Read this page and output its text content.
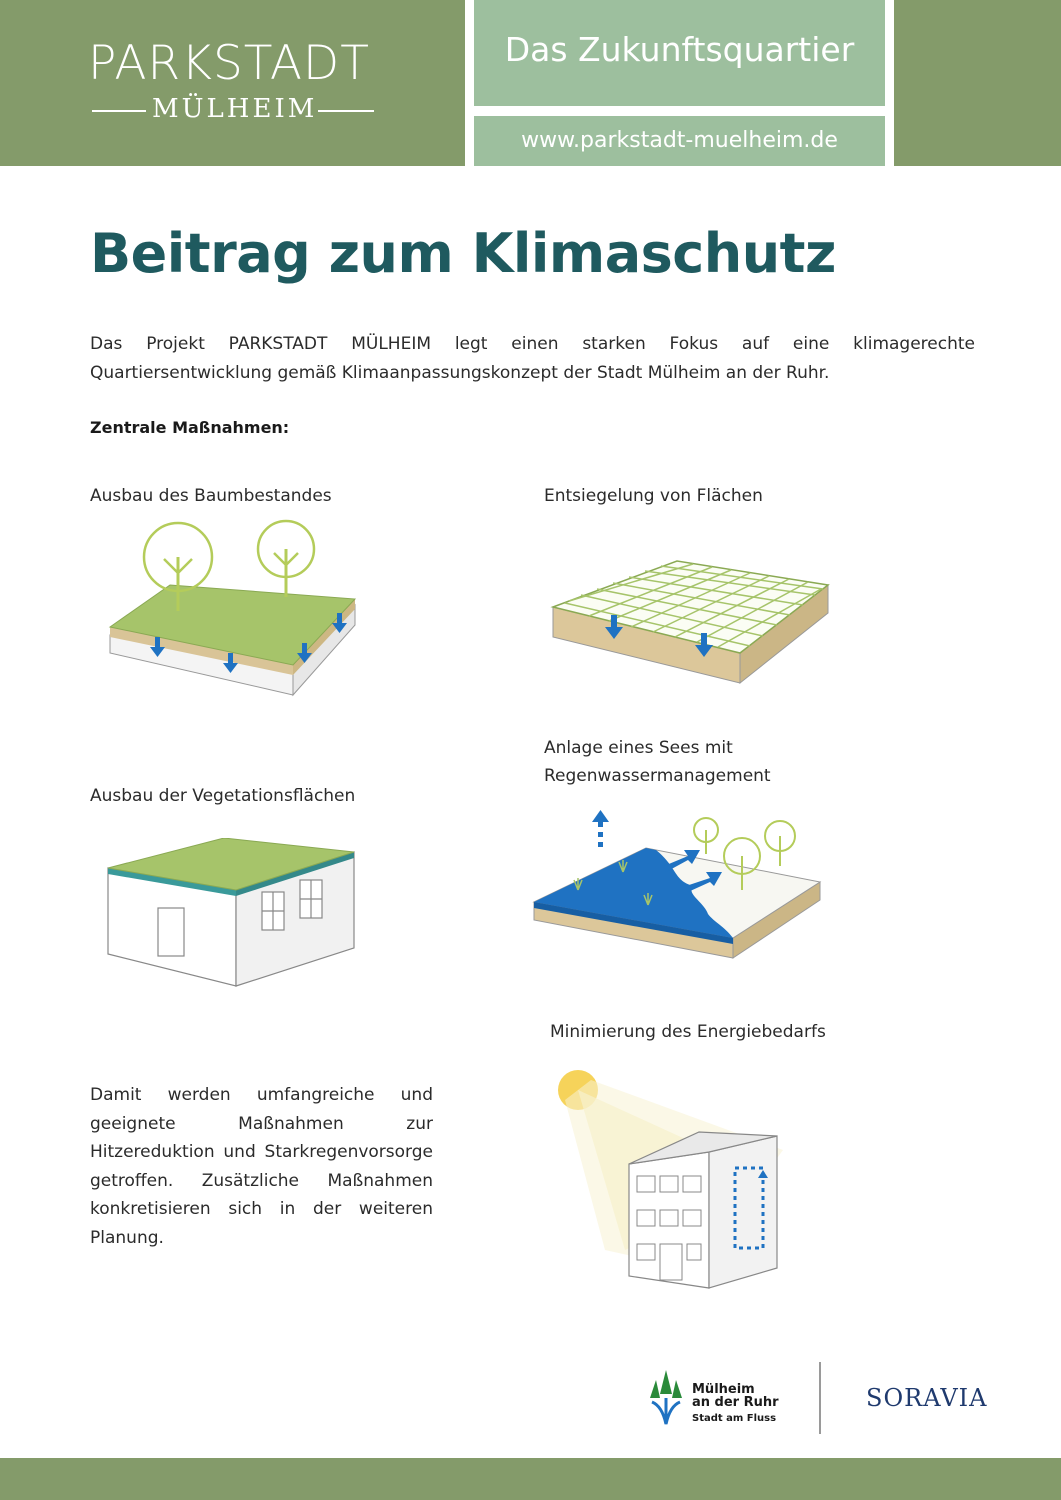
PARKSTADT
MÜLHEIM
Das Zukunftsquartier
www.parkstadt-muelheim.de
Beitrag zum Klimaschutz
Das Projekt PARKSTADT MÜLHEIM legt einen starken Fokus auf eine klimagerechte Quartiersentwicklung gemäß Klimaanpassungskonzept der Stadt Mülheim an der Ruhr.
Zentrale Maßnahmen:
Ausbau des Baumbestandes	Entsiegelung von Flächen
Anlage eines Sees mit Regenwassermanagement
Ausbau der Vegetationsflächen
Minimierung des Energiebedarfs
Damit werden umfangreiche und geeignete Maßnahmen zur Hitzereduktion und Starkregenvorsorge getroffen. Zusätzliche Maßnahmen konkretisieren sich in der weiteren Planung.
Mülheim
an der Ruhr
Stadt am Fluss
SORAVIA
